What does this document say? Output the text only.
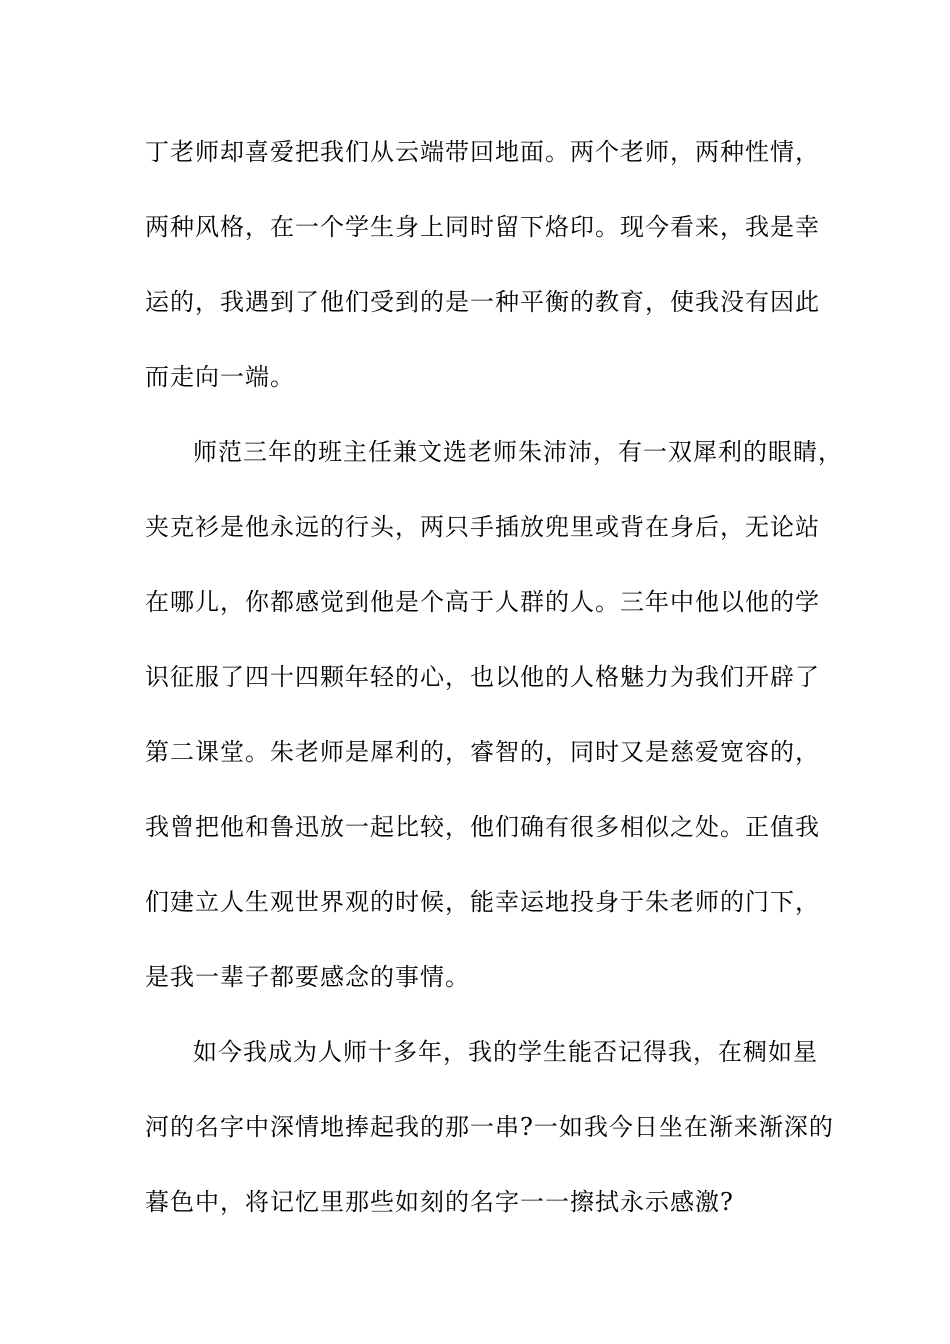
丁老师却喜爱把我们从云端带回地面。两个老师，两种性情，
两种风格，在一个学生身上同时留下烙印。现今看来，我是幸
运的，我遇到了他们受到的是一种平衡的教育，使我没有因此
而走向一端。
师范三年的班主任兼文选老师朱沛沛，有一双犀利的眼睛，
夹克衫是他永远的行头，两只手插放兜里或背在身后，无论站
在哪儿，你都感觉到他是个高于人群的人。三年中他以他的学
识征服了四十四颗年轻的心，也以他的人格魅力为我们开辟了
第二课堂。朱老师是犀利的，睿智的，同时又是慈爱宽容的，
我曾把他和鲁迅放一起比较，他们确有很多相似之处。正值我
们建立人生观世界观的时候，能幸运地投身于朱老师的门下，
是我一辈子都要感念的事情。
如今我成为人师十多年，我的学生能否记得我，在稠如星
河的名字中深情地捧起我的那一串?一如我今日坐在渐来渐深的
暮色中，将记忆里那些如刻的名字一一擦拭永示感激?
